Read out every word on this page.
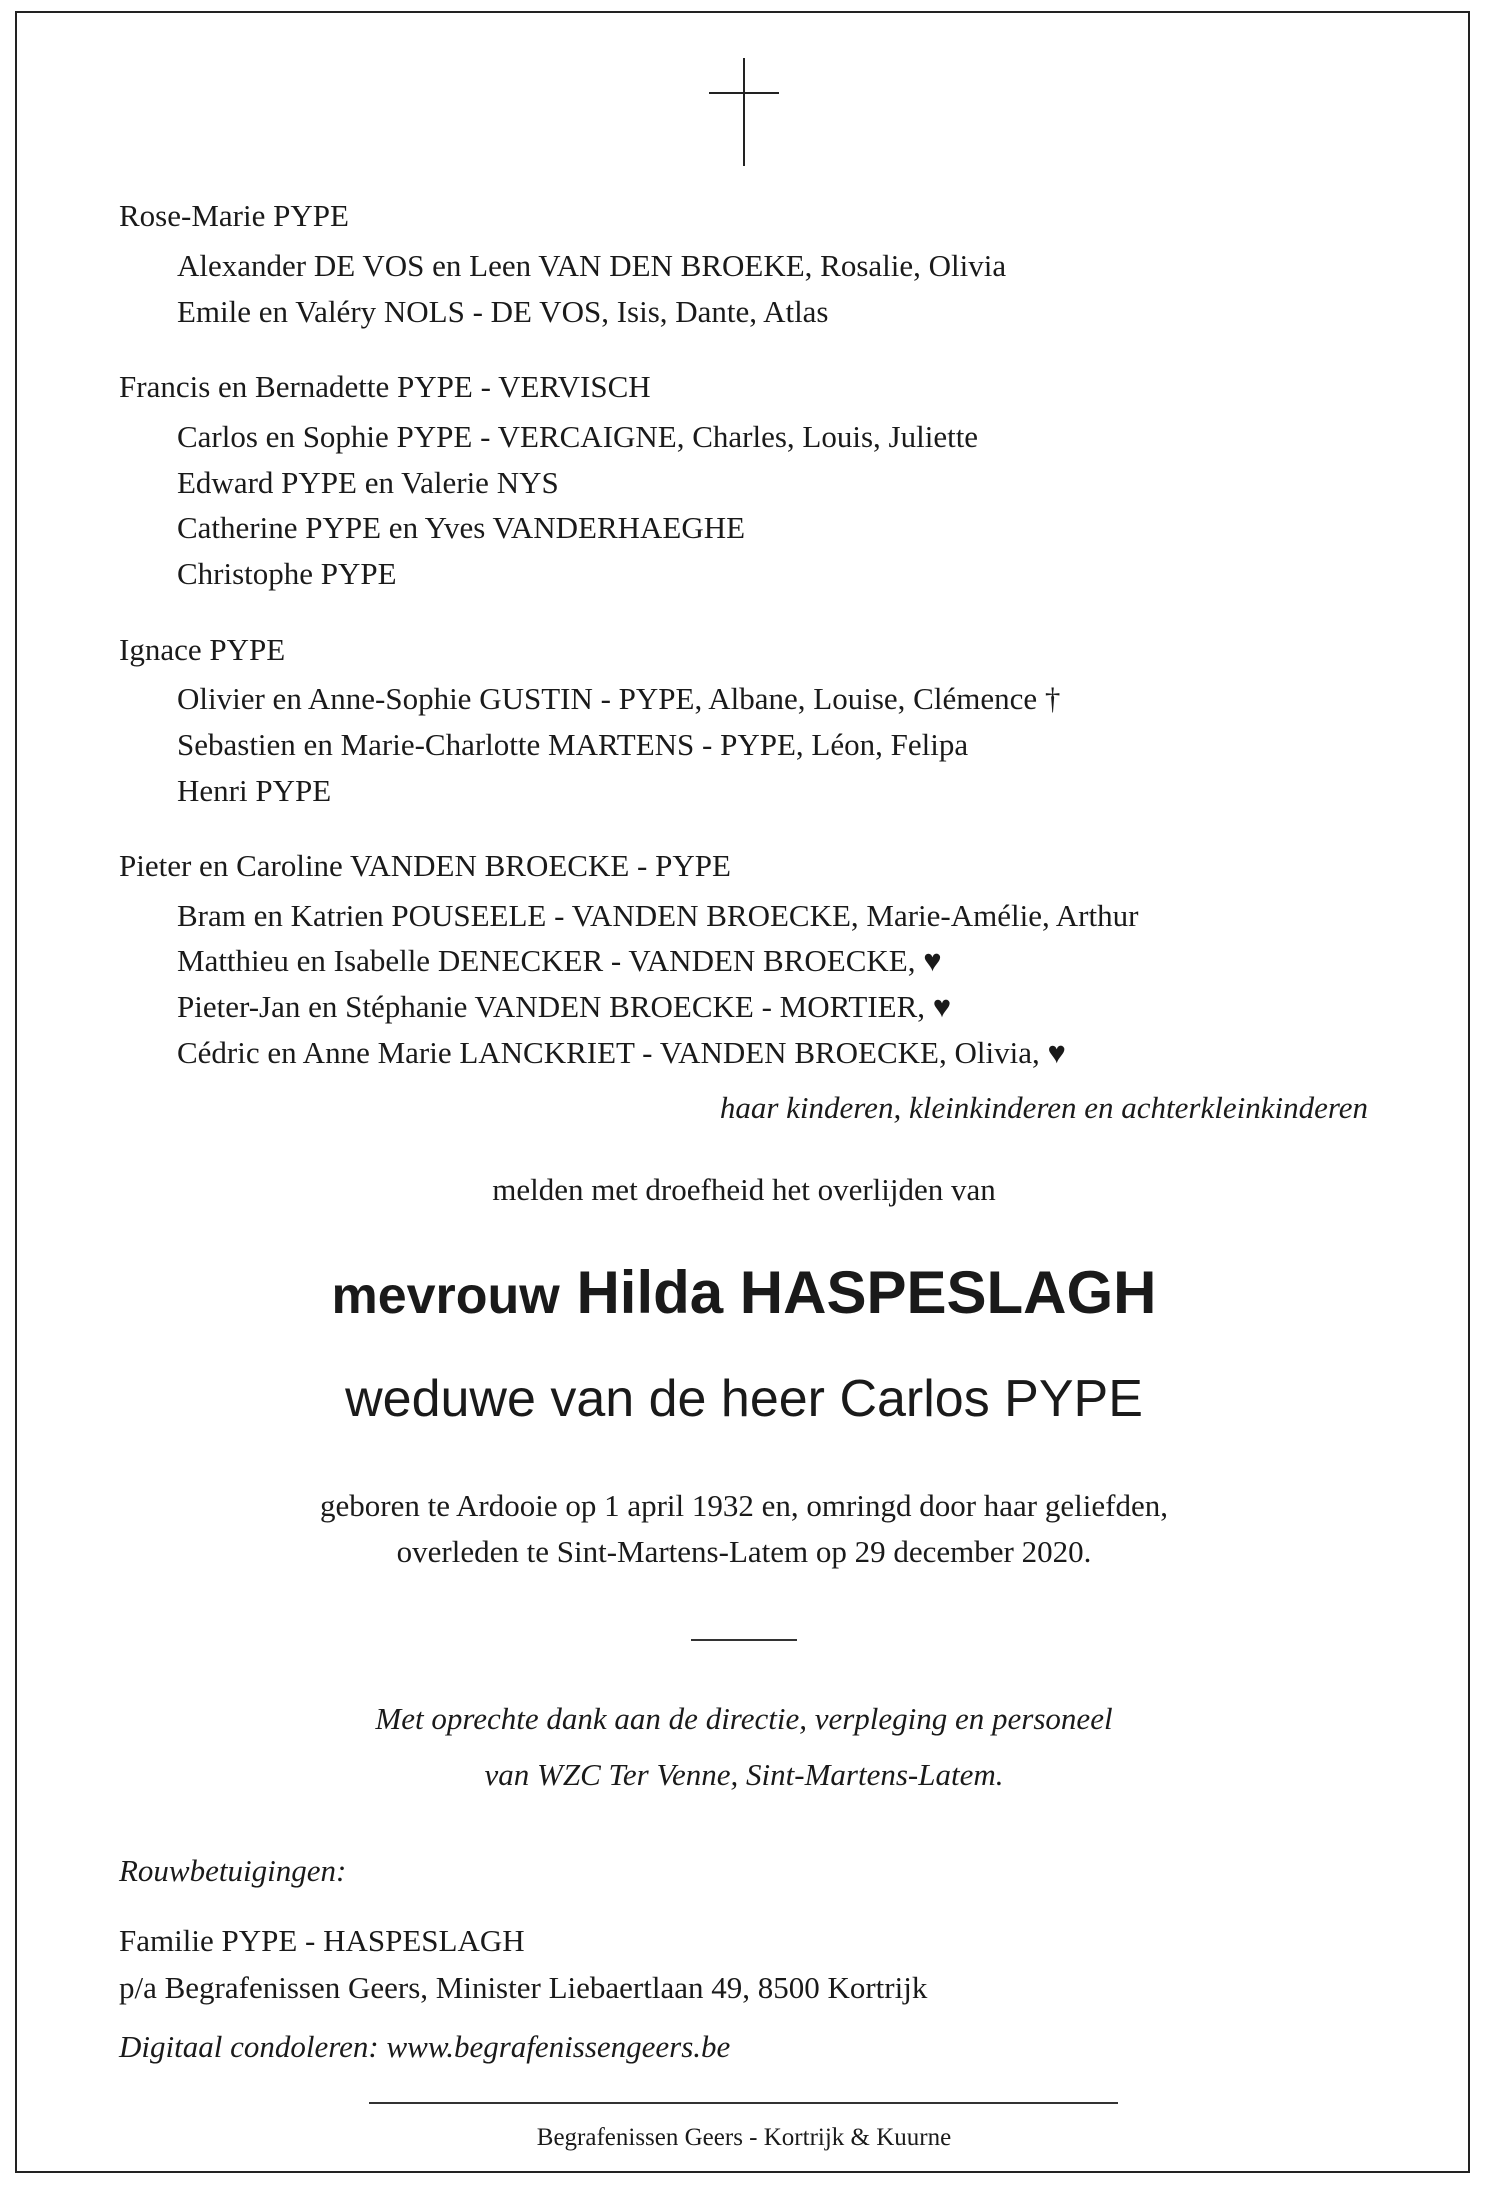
Rose-Marie PYPE
Alexander DE VOS en Leen VAN DEN BROEKE, Rosalie, Olivia
Emile en Valéry NOLS - DE VOS, Isis, Dante, Atlas
Francis en Bernadette PYPE - VERVISCH
Carlos en Sophie PYPE - VERCAIGNE, Charles, Louis, Juliette
Edward PYPE en Valerie NYS
Catherine PYPE en Yves VANDERHAEGHE
Christophe PYPE
Ignace PYPE
Olivier en Anne-Sophie GUSTIN - PYPE, Albane, Louise, Clémence †
Sebastien en Marie-Charlotte MARTENS - PYPE, Léon, Felipa
Henri PYPE
Pieter en Caroline VANDEN BROECKE - PYPE
Bram en Katrien POUSEELE - VANDEN BROECKE, Marie-Amélie, Arthur
Matthieu en Isabelle DENECKER - VANDEN BROECKE, ♥
Pieter-Jan en Stéphanie VANDEN BROECKE - MORTIER, ♥
Cédric en Anne Marie LANCKRIET - VANDEN BROECKE, Olivia, ♥
haar kinderen, kleinkinderen en achterkleinkinderen
melden met droefheid het overlijden van
mevrouw Hilda HASPESLAGH
weduwe van de heer Carlos PYPE
geboren te Ardooie op 1 april 1932 en, omringd door haar geliefden,
overleden te Sint-Martens-Latem op 29 december 2020.
Met oprechte dank aan de directie, verpleging en personeel
van WZC Ter Venne, Sint-Martens-Latem.
Rouwbetuigingen:
Familie PYPE - HASPESLAGH
p/a Begrafenissen Geers, Minister Liebaertlaan 49, 8500 Kortrijk
Digitaal condoleren: www.begrafenissengeers.be
Begrafenissen Geers - Kortrijk & Kuurne
